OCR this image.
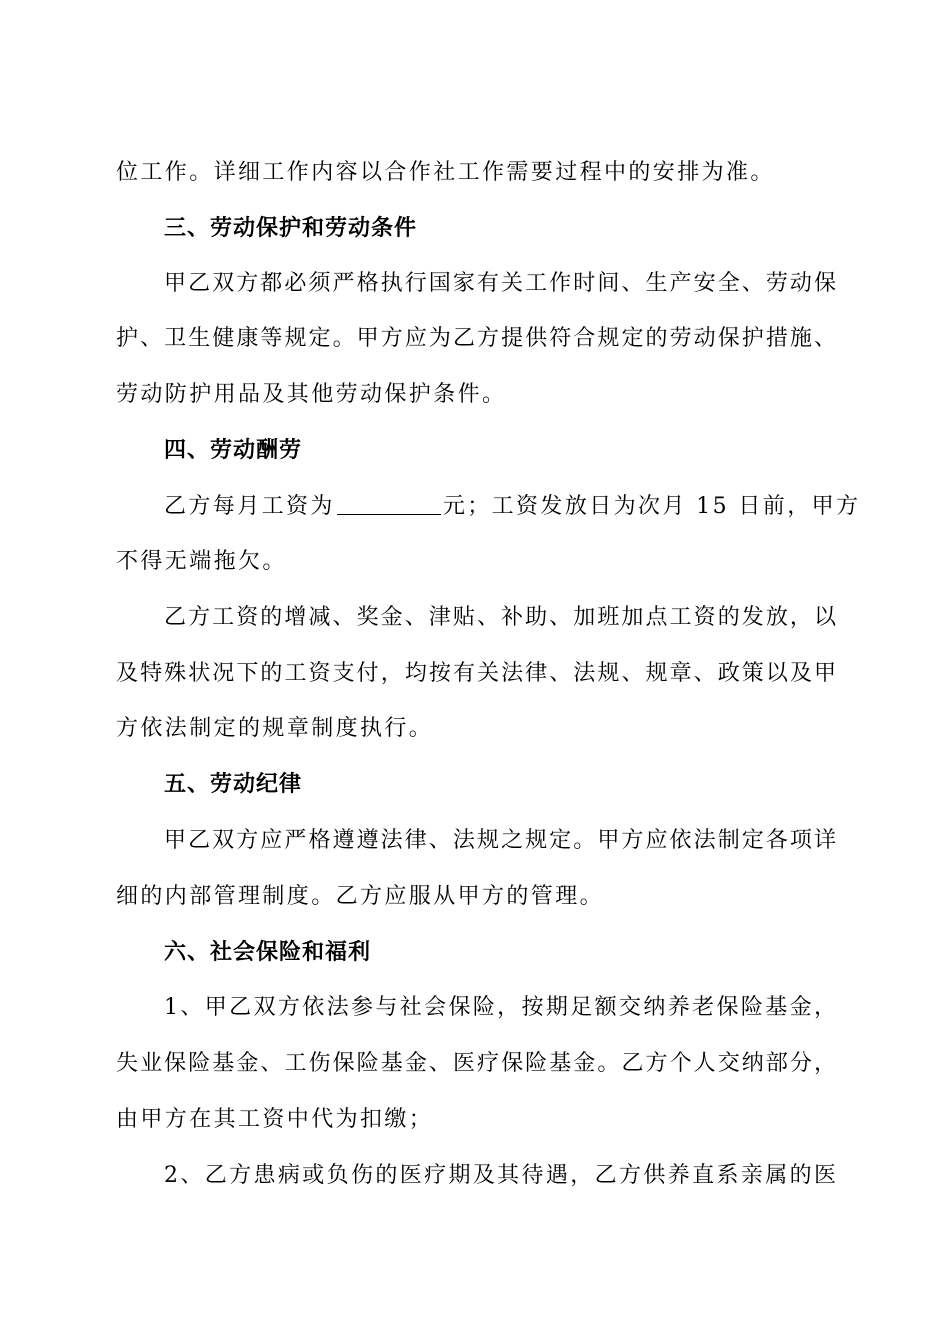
位工作。详细工作内容以合作社工作需要过程中的安排为准。
三、劳动保护和劳动条件
甲乙双方都必须严格执行国家有关工作时间、生产安全、劳动保
护、卫生健康等规定。甲方应为乙方提供符合规定的劳动保护措施、
劳动防护用品及其他劳动保护条件。
四、劳动酬劳
乙方每月工资为	元；工资发放日为次月 15 日前，甲方
不得无端拖欠。
乙方工资的增减、奖金、津贴、补助、加班加点工资的发放，以
及特殊状况下的工资支付，均按有关法律、法规、规章、政策以及甲
方依法制定的规章制度执行。
五、劳动纪律
甲乙双方应严格遵遵法律、法规之规定。甲方应依法制定各项详
细的内部管理制度。乙方应服从甲方的管理。
六、社会保险和福利
1、甲乙双方依法参与社会保险，按期足额交纳养老保险基金，
失业保险基金、工伤保险基金、医疗保险基金。乙方个人交纳部分，
由甲方在其工资中代为扣缴；
2、乙方患病或负伤的医疗期及其待遇，乙方供养直系亲属的医
